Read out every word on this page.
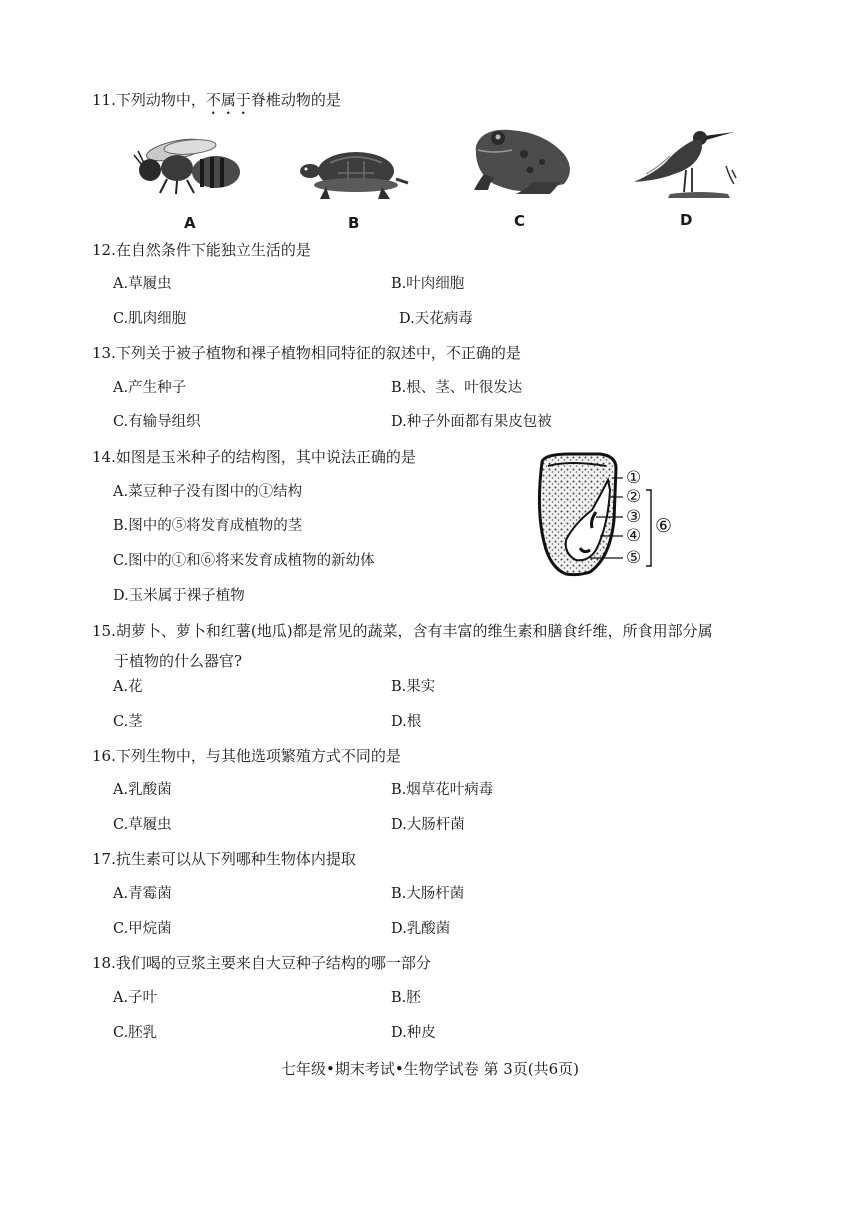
11.下列动物中，不属于脊椎动物的是
A	B	C	D
12.在自然条件下能独立生活的是
A.草履虫	B.叶肉细胞
C.肌肉细胞	D.天花病毒
13.下列关于被子植物和裸子植物相同特征的叙述中，不正确的是
A.产生种子	B.根、茎、叶很发达
C.有输导组织	D.种子外面都有果皮包被
14.如图是玉米种子的结构图，其中说法正确的是
A.菜豆种子没有图中的①结构
B.图中的⑤将发育成植物的茎
C.图中的①和⑥将来发育成植物的新幼体
D.玉米属于裸子植物
①
②
③
④
⑤
⑥
15.胡萝卜、萝卜和红薯(地瓜)都是常见的蔬菜，含有丰富的维生素和膳食纤维，所食用部分属
于植物的什么器官?
A.花	B.果实
C.茎	D.根
16.下列生物中，与其他选项繁殖方式不同的是
A.乳酸菌	B.烟草花叶病毒
C.草履虫	D.大肠杆菌
17.抗生素可以从下列哪种生物体内提取
A.青霉菌	B.大肠杆菌
C.甲烷菌	D.乳酸菌
18.我们喝的豆浆主要来自大豆种子结构的哪一部分
A.子叶	B.胚
C.胚乳	D.种皮
七年级•期末考试•生物学试卷 第 3页(共6页)
